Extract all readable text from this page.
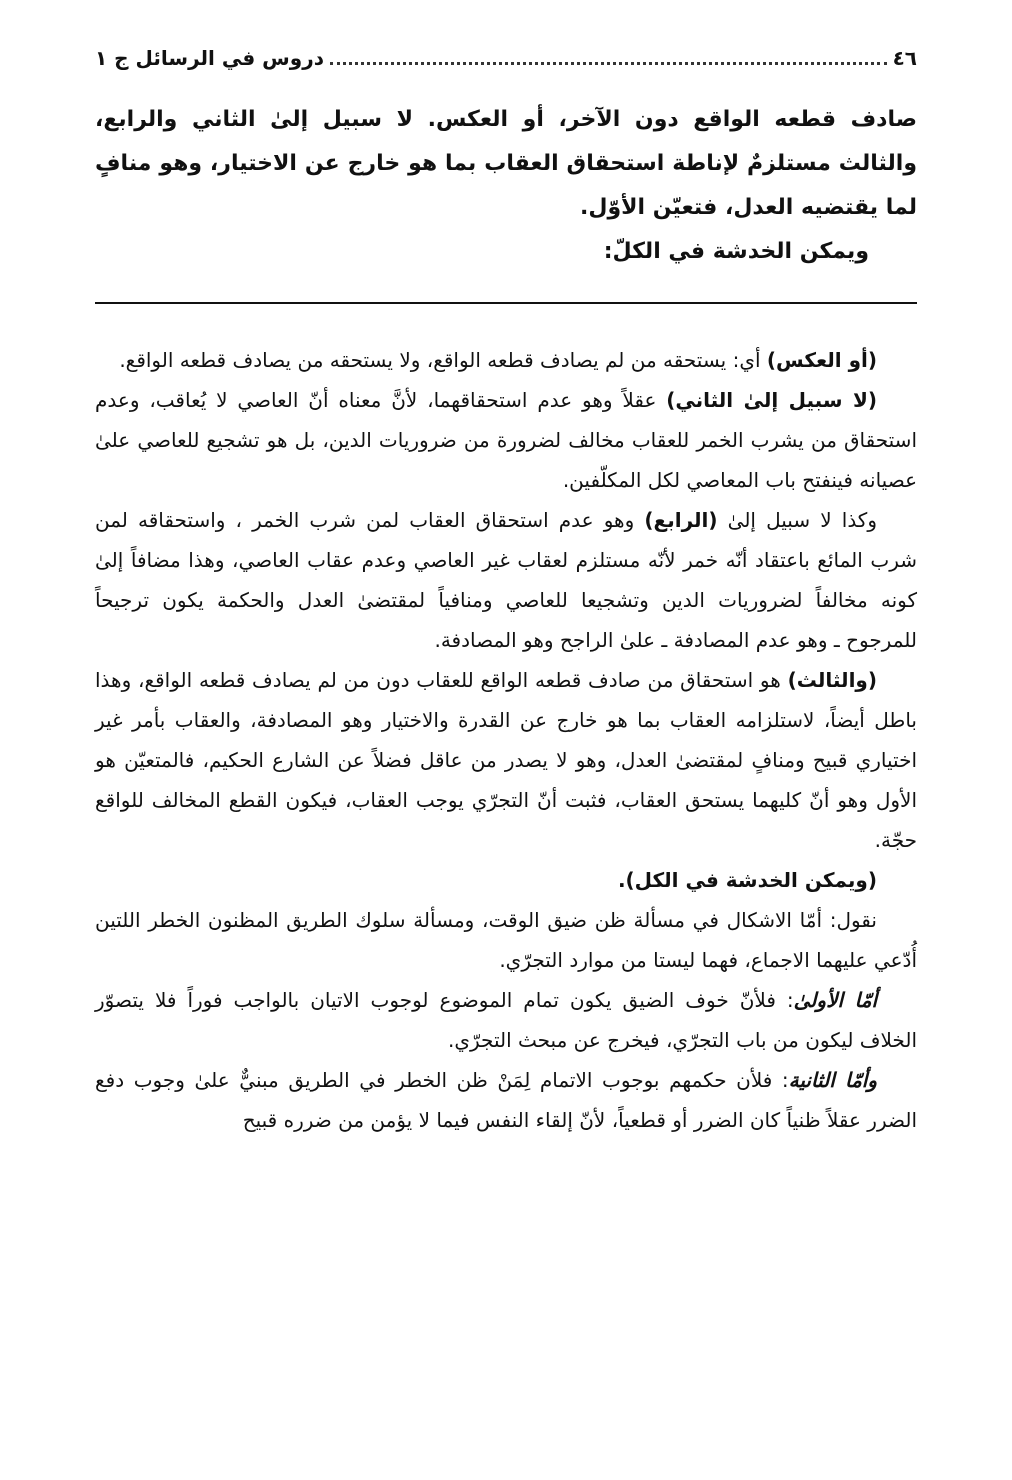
٤٦
دروس في الرسائل ج ١

صادف قطعه الواقع دون الآخر، أو العكس. لا سبيل إلىٰ الثاني والرابع، والثالث مستلزمٌ لإناطة استحقاق العقاب بما هو خارج عن الاختيار، وهو منافٍ لما يقتضيه العدل، فتعيّن الأوّل.

ويمكن الخدشة في الكلّ:

(أو العكس) أي: يستحقه من لم يصادف قطعه الواقع، ولا يستحقه من يصادف قطعه الواقع.

(لا سبيل إلىٰ الثاني) عقلاً وهو عدم استحقاقهما، لأنَّ معناه أنّ العاصي لا يُعاقب، وعدم استحقاق من يشرب الخمر للعقاب مخالف لضرورة من ضروريات الدين، بل هو تشجيع للعاصي علىٰ عصيانه فينفتح باب المعاصي لكل المكلّفين.

وكذا لا سبيل إلىٰ (الرابع) وهو عدم استحقاق العقاب لمن شرب الخمر ، واستحقاقه لمن شرب المائع باعتقاد أنّه خمر لأنّه مستلزم لعقاب غير العاصي وعدم عقاب العاصي، وهذا مضافاً إلىٰ كونه مخالفاً لضروريات الدين وتشجيعا للعاصي ومنافياً لمقتضىٰ العدل والحكمة يكون ترجيحاً للمرجوح ـ وهو عدم المصادفة ـ علىٰ الراجح وهو المصادفة.

(والثالث) هو استحقاق من صادف قطعه الواقع للعقاب دون من لم يصادف قطعه الواقع، وهذا باطل أيضاً، لاستلزامه العقاب بما هو خارج عن القدرة والاختيار وهو المصادفة، والعقاب بأمر غير اختياري قبيح ومنافٍ لمقتضىٰ العدل، وهو لا يصدر من عاقل فضلاً عن الشارع الحكيم، فالمتعيّن هو الأول وهو أنّ كليهما يستحق العقاب، فثبت أنّ التجرّي يوجب العقاب، فيكون القطع المخالف للواقع حجّة.

(ويمكن الخدشة في الكل).

نقول: أمّا الاشكال في مسألة ظن ضيق الوقت، ومسألة سلوك الطريق المظنون الخطر اللتين أُدّعي عليهما الاجماع، فهما ليستا من موارد التجرّي.

أمّا الأولىٰ: فلأنّ خوف الضيق يكون تمام الموضوع لوجوب الاتيان بالواجب فوراً فلا يتصوّر الخلاف ليكون من باب التجرّي، فيخرج عن مبحث التجرّي.

وأمّا الثانية: فلأن حكمهم بوجوب الاتمام لِمَنْ ظن الخطر في الطريق مبنيٌّ علىٰ وجوب دفع الضرر عقلاً ظنياً كان الضرر أو قطعياً، لأنّ إلقاء النفس فيما لا يؤمن من ضرره قبيح
